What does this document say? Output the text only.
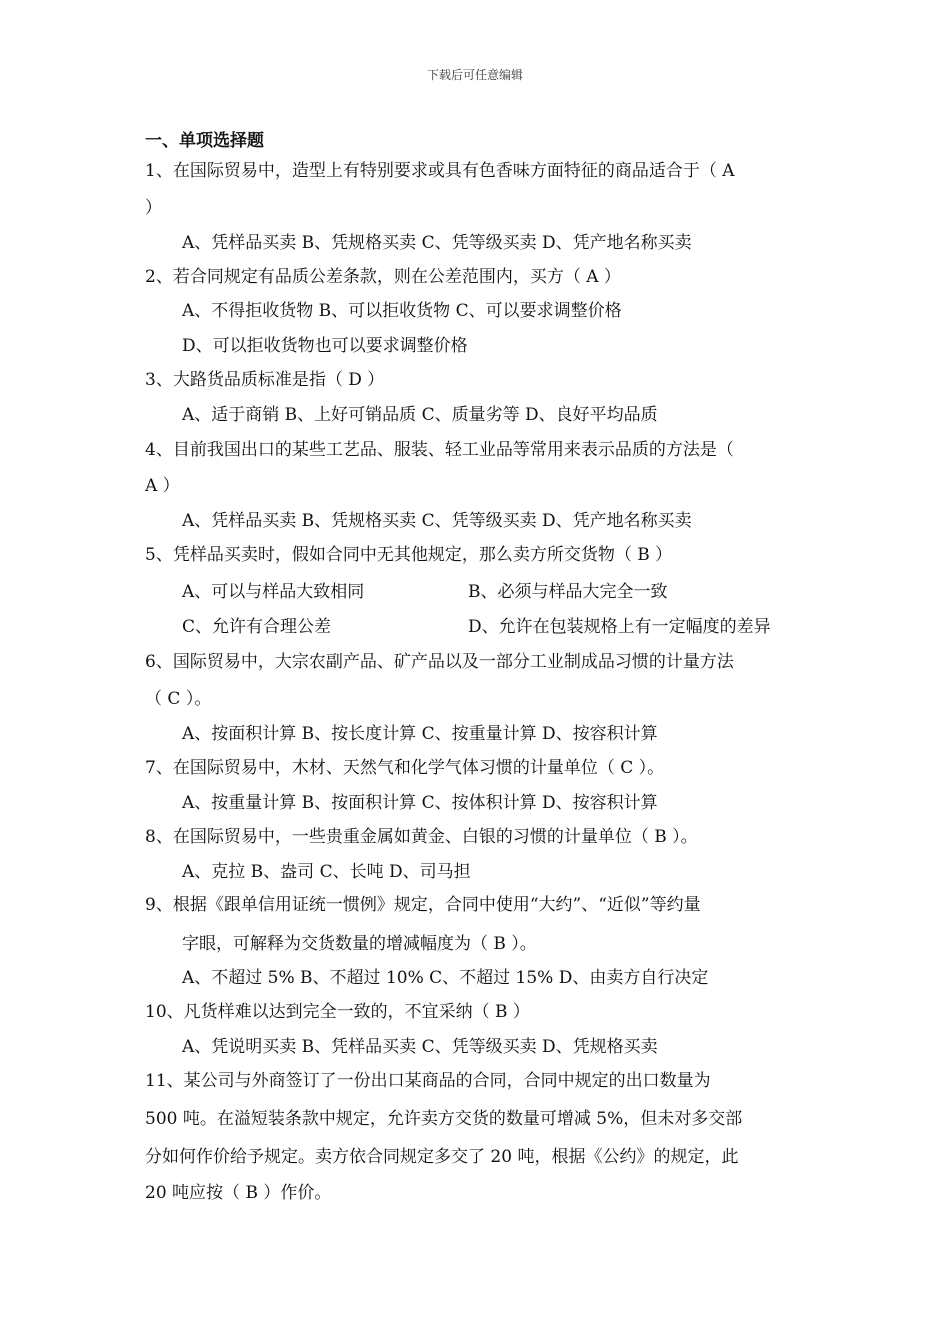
下载后可任意编辑
一、单项选择题
1、在国际贸易中，造型上有特别要求或具有色香味方面特征的商品适合于（ A
）
A、凭样品买卖 B、凭规格买卖 C、凭等级买卖 D、凭产地名称买卖
2、若合同规定有品质公差条款，则在公差范围内，买方（ A ）
A、不得拒收货物 B、可以拒收货物 C、可以要求调整价格
D、可以拒收货物也可以要求调整价格
3、大路货品质标准是指（ D ）
A、适于商销 B、上好可销品质 C、质量劣等 D、良好平均品质
4、目前我国出口的某些工艺品、服装、轻工业品等常用来表示品质的方法是（
A ）
A、凭样品买卖 B、凭规格买卖 C、凭等级买卖 D、凭产地名称买卖
5、凭样品买卖时，假如合同中无其他规定，那么卖方所交货物（ B ）
A、可以与样品大致相同	B、必须与样品大完全一致
C、允许有合理公差	D、允许在包装规格上有一定幅度的差异
6、国际贸易中，大宗农副产品、矿产品以及一部分工业制成品习惯的计量方法
（ C ）。
A、按面积计算 B、按长度计算 C、按重量计算 D、按容积计算
7、在国际贸易中，木材、天然气和化学气体习惯的计量单位（ C ）。
A、按重量计算 B、按面积计算 C、按体积计算 D、按容积计算
8、在国际贸易中，一些贵重金属如黄金、白银的习惯的计量单位（ B ）。
A、克拉 B、盎司 C、长吨 D、司马担
9、根据《跟单信用证统一惯例》规定，合同中使用“大约”、“近似”等约量
字眼，可解释为交货数量的增减幅度为（ B ）。
A、不超过 5% B、不超过 10% C、不超过 15% D、由卖方自行决定
10、凡货样难以达到完全一致的，不宜采纳（ B ）
A、凭说明买卖 B、凭样品买卖 C、凭等级买卖 D、凭规格买卖
11、某公司与外商签订了一份出口某商品的合同，合同中规定的出口数量为
500 吨。在溢短装条款中规定，允许卖方交货的数量可增减 5%，但未对多交部
分如何作价给予规定。卖方依合同规定多交了 20 吨，根据《公约》的规定，此
20 吨应按（ B ）作价。
